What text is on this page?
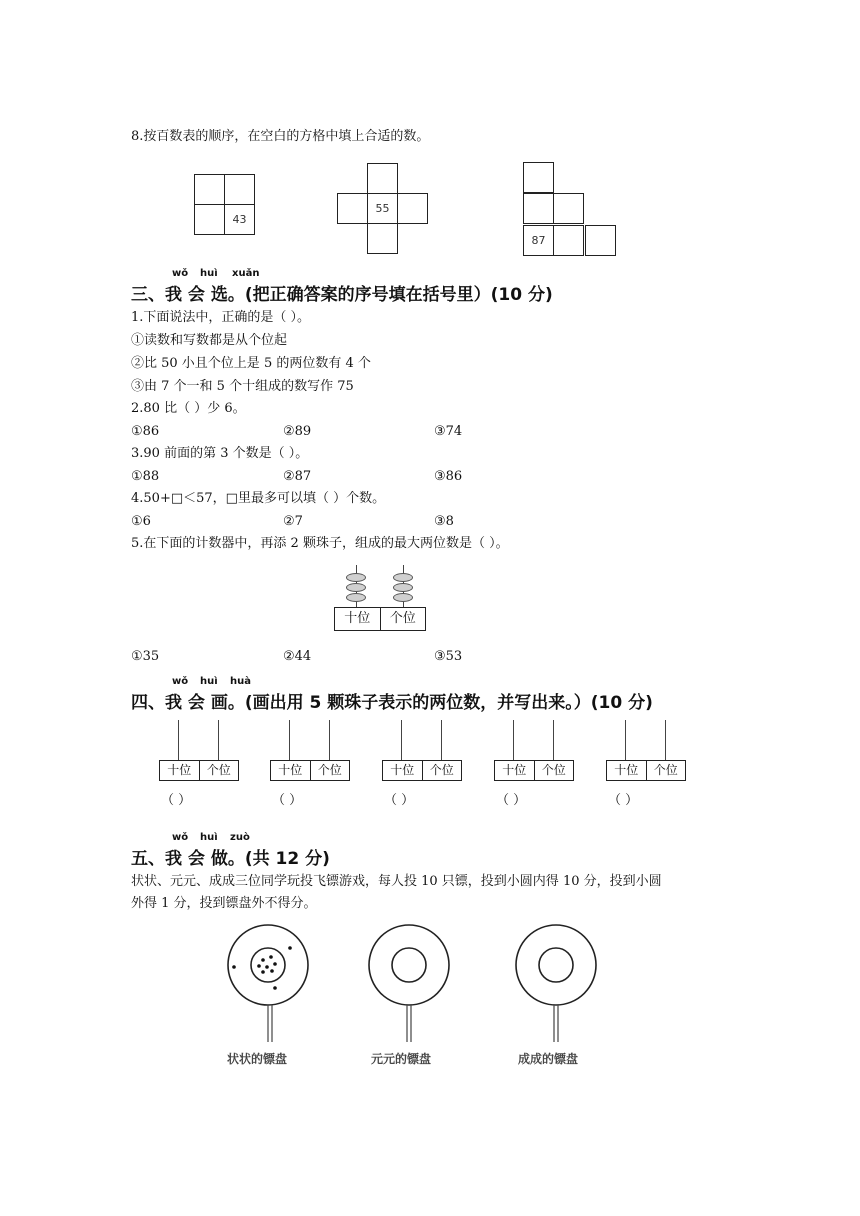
8.按百数表的顺序，在空白的方格中填上合适的数。
43
55
87
wǒ huì xuǎn
三、我 会 选。(把正确答案的序号填在括号里）(10 分)
1.下面说法中，正确的是（ ）。
①读数和写数都是从个位起
②比 50 小且个位上是 5 的两位数有 4 个
③由 7 个一和 5 个十组成的数写作 75
2.80 比（ ）少 6。
①86	②89	③74
3.90 前面的第 3 个数是（ ）。
①88	②87	③86
4.50+□＜57，□里最多可以填（ ）个数。
①6	②7	③8
5.在下面的计数器中，再添 2 颗珠子，组成的最大两位数是（ ）。
十位	个位
①35	②44	③53
wǒ huì huà
四、我 会 画。(画出用 5 颗珠子表示的两位数，并写出来。）(10 分)
十位	个位
（ ）
十位	个位
（ ）
十位	个位
（ ）
十位	个位
（ ）
十位	个位
（ ）
wǒ huì zuò
五、我 会 做。(共 12 分)
状状、元元、成成三位同学玩投飞镖游戏，每人投 10 只镖，投到小圆内得 10 分，投到小圆
外得 1 分，投到镖盘外不得分。
状状的镖盘	元元的镖盘	成成的镖盘
